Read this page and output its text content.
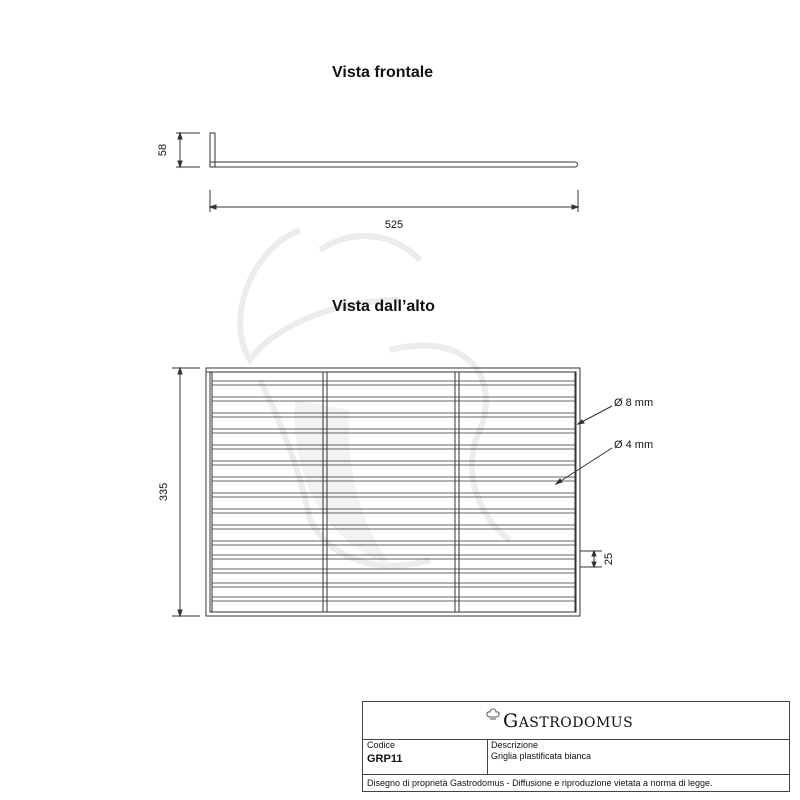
Vista frontale
Vista dall’alto
58
525
335
Ø 8 mm
Ø 4 mm
25
GASTRODOMUS
Codice
GRP11
Descrizione
Griglia plastificata bianca
Disegno di proprietà Gastrodomus - Diffusione e riproduzione vietata a norma di legge.
